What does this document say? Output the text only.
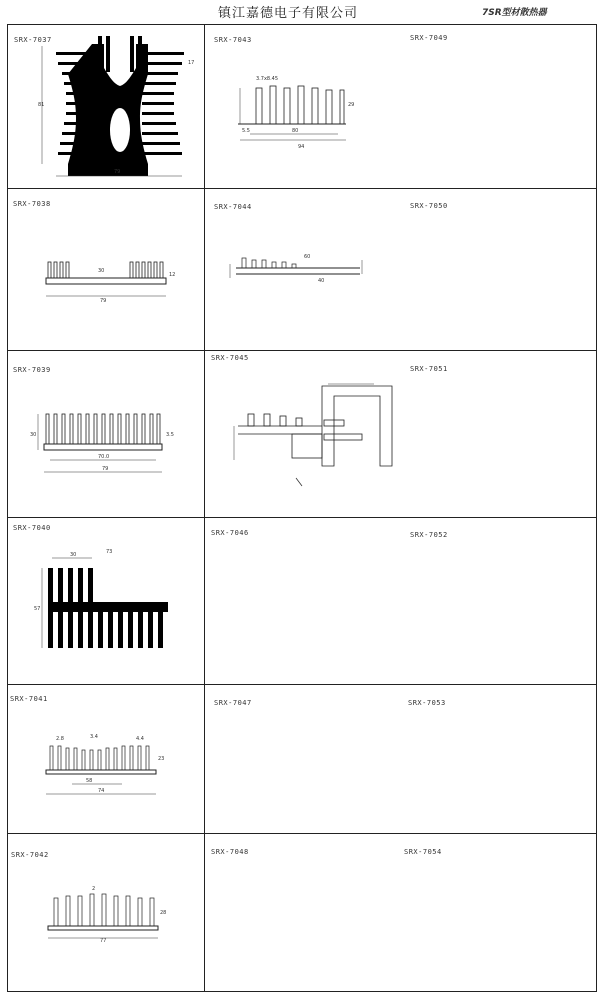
镇江嘉德电子有限公司	7SR型材散热器
SRX-7037	SRX-7043	SRX-7049
SRX-7038	SRX-7044	SRX-7050
SRX-7039
SRX-7045
SRX-7051
SRX-7040
SRX-7046	SRX-7052
SRX-7041	SRX-7047	SRX-7053
SRX-7042	SRX-7048	SRX-7054
81
79
17
3.7x8.45
94
80
5.5
29
30
79
12
60
40
30
70.0
79
3.5
30	73
57
2.8	3.4
23
58
74
4.4
2
77
28
